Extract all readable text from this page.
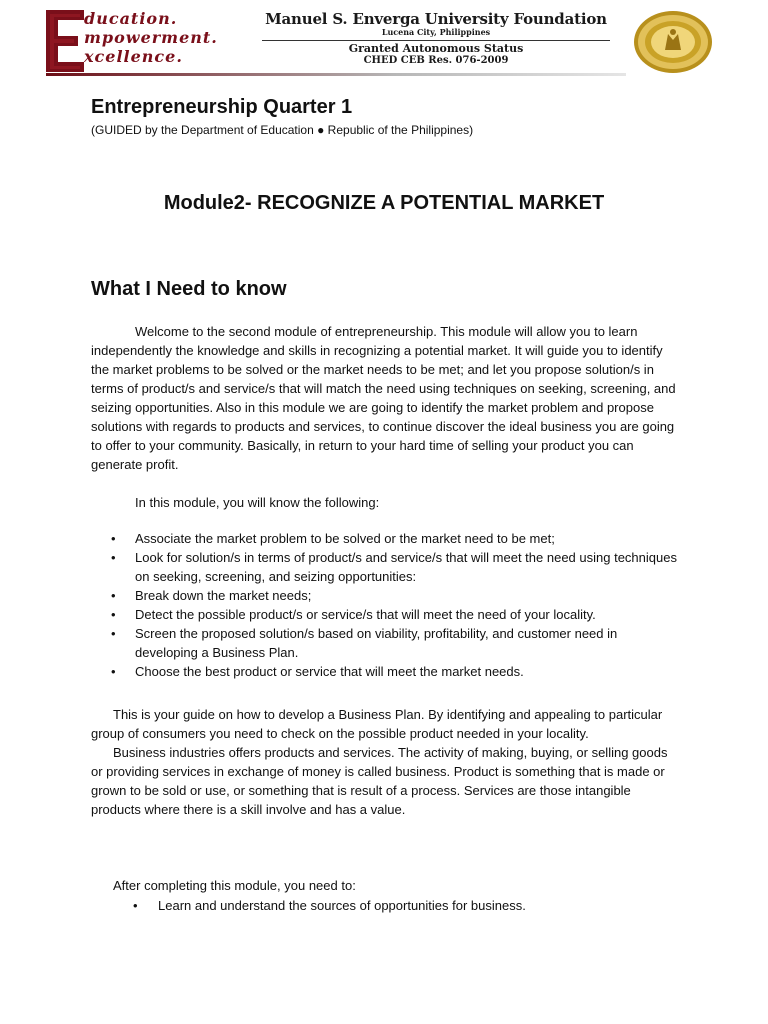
ducation.
mpowerment.
xcellence.
Manuel S. Enverga University Foundation
Lucena City, Philippines
Granted Autonomous Status
CHED CEB Res. 076-2009
Entrepreneurship Quarter 1

(GUIDED by the Department of Education ● Republic of the Philippines)

Module2- RECOGNIZE A POTENTIAL MARKET
What I Need to know

Welcome to the second module of entrepreneurship. This module will allow you to learn independently the knowledge and skills in recognizing a potential market. It will guide you to identify the market problems to be solved or the market needs to be met; and let you propose solution/s in terms of product/s and service/s that will match the need using techniques on seeking, screening, and seizing opportunities. Also in this module we are going to identify the market problem and propose solutions with regards to products and services, to continue discover the ideal business you are going to offer to your community. Basically, in return to your hard time of selling your product you can generate profit.

In this module, you will know the following:
• Associate the market problem to be solved or the market need to be met;
• Look for solution/s in terms of product/s and service/s that will meet the need using techniques on seeking, screening, and seizing opportunities:
• Break down the market needs;
• Detect the possible product/s or service/s that will meet the need of your locality.
• Screen the proposed solution/s based on viability, profitability, and customer need in developing a Business Plan.
• Choose the best product or service that will meet the market needs.

This is your guide on how to develop a Business Plan. By identifying and appealing to particular group of consumers you need to check on the possible product needed in your locality.

Business industries offers products and services. The activity of making, buying, or selling goods or providing services in exchange of money is called business. Product is something that is made or grown to be sold or use, or something that is result of a process. Services are those intangible products where there is a skill involve and has a value.

After completing this module, you need to:
• Learn and understand the sources of opportunities for business.
